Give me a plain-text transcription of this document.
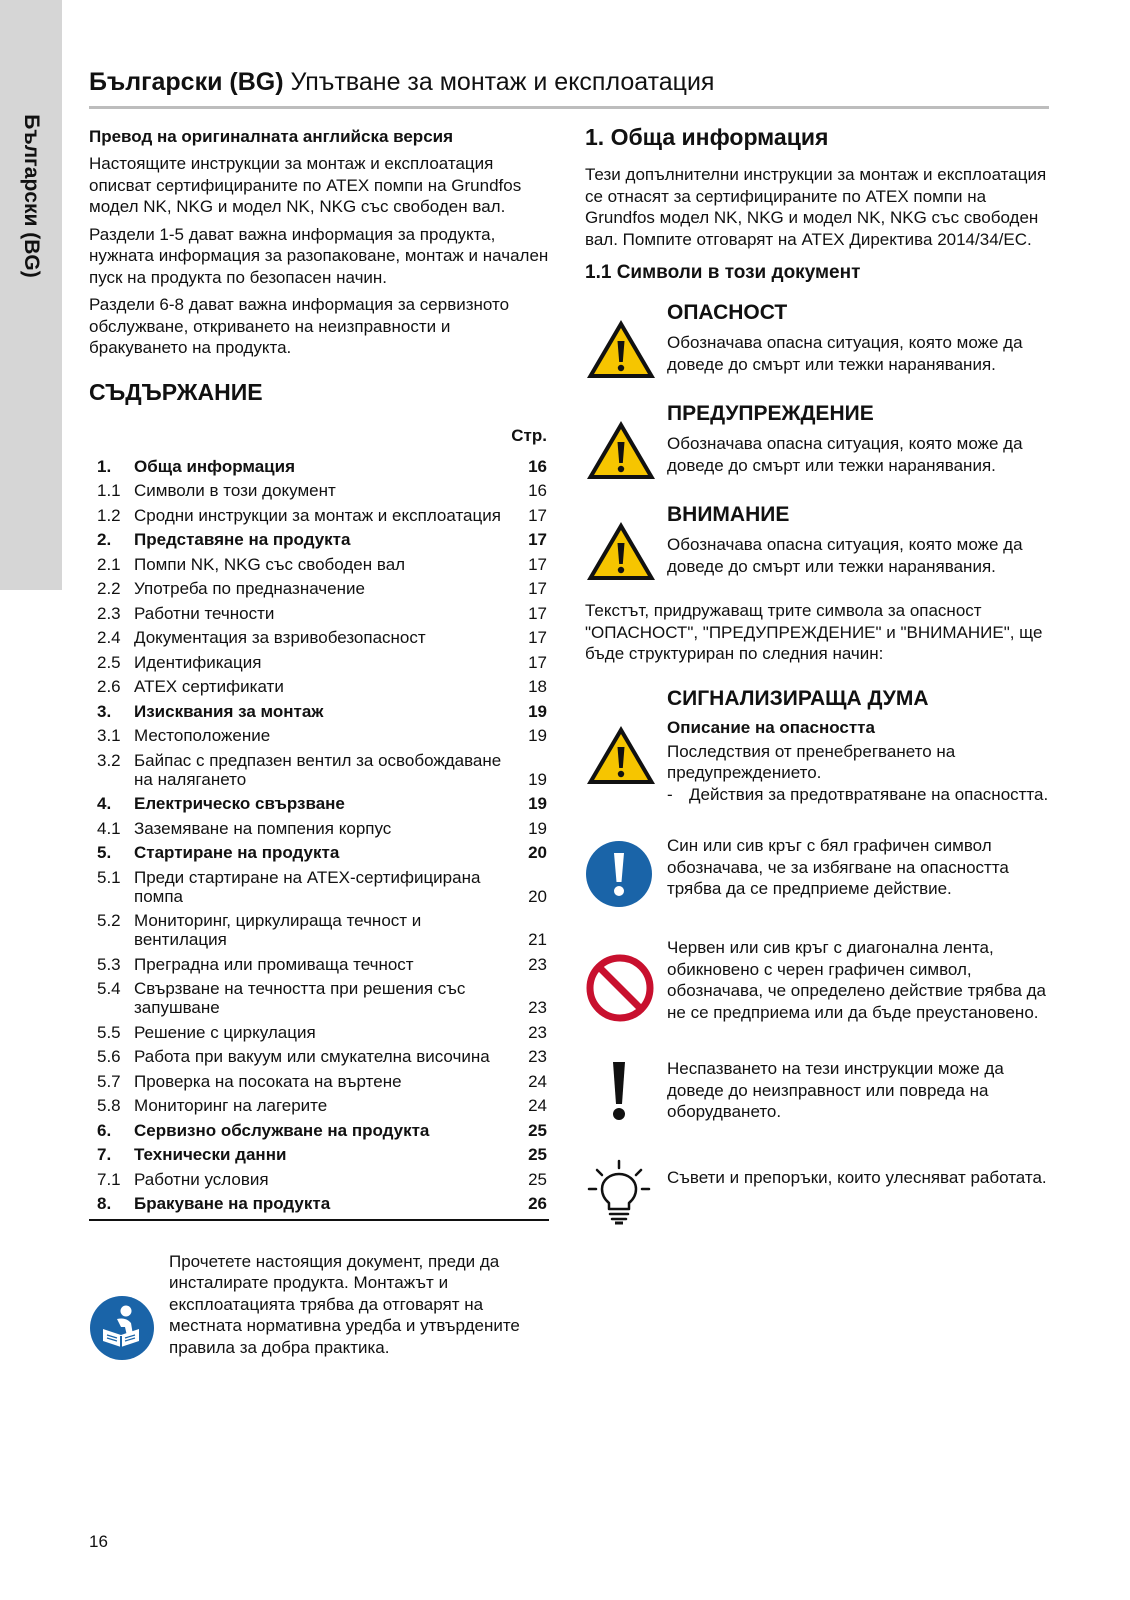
Български (BG)
Български (BG) Упътване за монтаж и експлоатация
Превод на оригиналната английска версия

Настоящите инструкции за монтаж и експлоатация описват сертифицираните по ATEX помпи на Grundfos модел NK, NKG и модел NK, NKG със свободен вал.

Раздели 1-5 дават важна информация за продукта, нужната информация за разопаковане, монтаж и начален пуск на продукта по безопасен начин.

Раздели 6-8 дават важна информация за сервизното обслужване, откриването на неизправности и бракуването на продукта.

СЪДЪРЖАНИЕ
Стр.
1.	Обща информация	16
1.1 Символи в този документ	16
1.2 Сродни инструкции за монтаж и експлоатация	17
2.	Представяне на продукта	17
2.1 Помпи NK, NKG със свободен вал	17
2.2 Употреба по предназначение	17
2.3 Работни течности	17
2.4 Документация за взривобезопасност	17
2.5 Идентификация	17
2.6 ATEX сертификати	18
3.	Изисквания за монтаж	19
3.1 Местоположение	19
3.2 Байпас с предпазен вентил за освобождаване на налягането	19
4.	Електрическо свързване	19
4.1 Заземяване на помпения корпус	19
5.	Стартиране на продукта	20
5.1 Преди стартиране на ATEX-сертифицирана помпа	20
5.2 Мониторинг, циркулираща течност и вентилация	21
5.3 Преградна или промиваща течност	23
5.4 Свързване на течността при решения със запушване	23
5.5 Решение с циркулация	23
5.6 Работа при вакуум или смукателна височина	23
5.7 Проверка на посоката на въртене	24
5.8 Мониторинг на лагерите	24
6.	Сервизно обслужване на продукта	25
7.	Технически данни	25
7.1 Работни условия	25
8.	Бракуване на продукта	26
Прочетете настоящия документ, преди да инсталирате продукта. Монтажът и експлоатацията трябва да отговарят на местната нормативна уредба и утвърдените правила за добра практика.
1. Обща информация

Тези допълнителни инструкции за монтаж и експлоатация се отнасят за сертифицираните по ATEX помпи на Grundfos модел NK, NKG и модел NK, NKG със свободен вал. Помпите отговарят на ATEX Директива 2014/34/EC.

1.1 Символи в този документ
ОПАСНОСТ
Обозначава опасна ситуация, която може да доведе до смърт или тежки наранявания.
ПРЕДУПРЕЖДЕНИЕ
Обозначава опасна ситуация, която може да доведе до смърт или тежки наранявания.
ВНИМАНИЕ
Обозначава опасна ситуация, която може да доведе до смърт или тежки наранявания.

Текстът, придружаващ трите символа за опасност "ОПАСНОСТ", "ПРЕДУПРЕЖДЕНИЕ" и "ВНИМАНИЕ", ще бъде структуриран по следния начин:

СИГНАЛИЗИРАЩА ДУМА
Описание на опасността
Последствия от пренебрегването на предупреждението.
- Действия за предотвратяване на опасността.
Син или сив кръг с бял графичен символ обозначава, че за избягване на опасността трябва да се предприеме действие.
Червен или сив кръг с диагонална лента, обикновено с черен графичен символ, обозначава, че определено действие трябва да не се предприема или да бъде преустановено.
Неспазването на тези инструкции може да доведе до неизправност или повреда на оборудването.
Съвети и препоръки, които улесняват работата.
16
